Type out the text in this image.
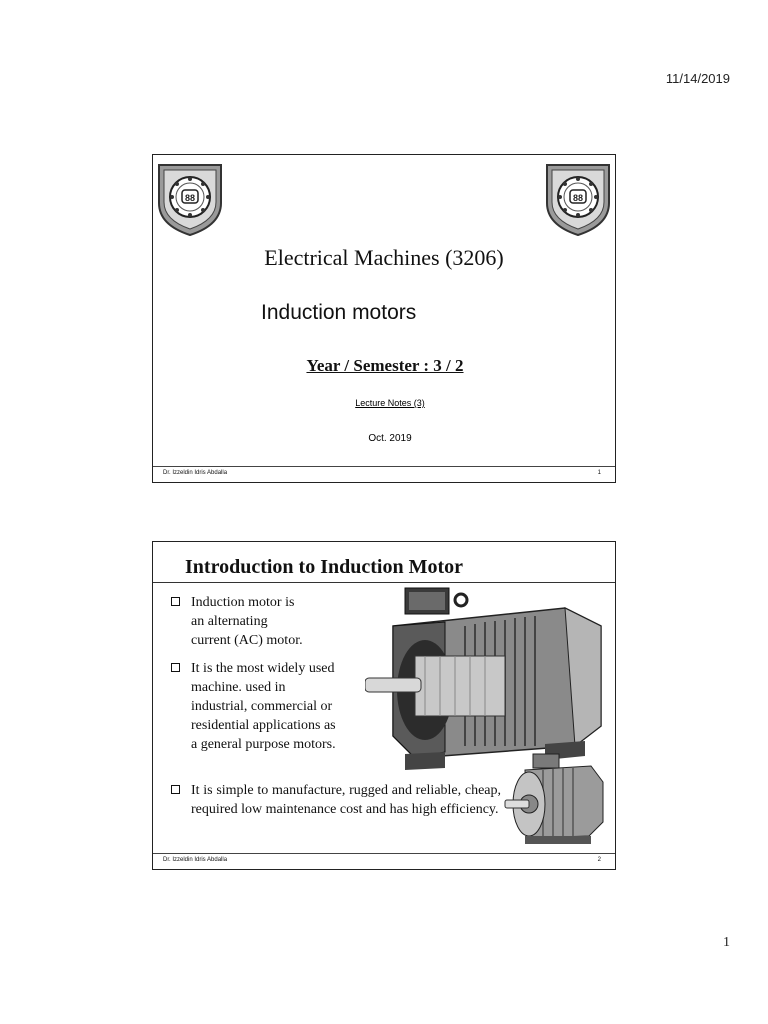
11/14/2019
88	88
Electrical Machines (3206)
Induction motors
Year / Semester : 3 / 2
Lecture Notes (3)
Oct. 2019
Dr. Izzeldin Idris Abdalla	1
Introduction to Induction Motor
Induction motor is
an alternating
current (AC) motor.
It is the most widely used
machine. used in
industrial, commercial or
residential applications as
a general purpose motors.
It is simple to manufacture, rugged and reliable, cheap, required low maintenance cost and has high efficiency.
Dr. Izzeldin Idris Abdalla	2
1
